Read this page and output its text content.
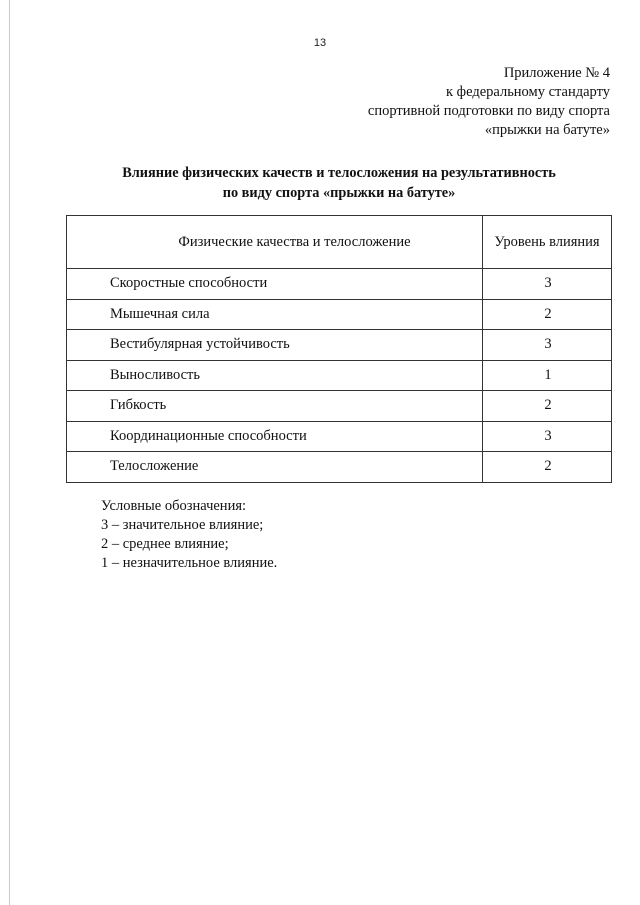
13
Приложение № 4
к федеральному стандарту
спортивной подготовки по виду спорта
«прыжки на батуте»
Влияние физических качеств и телосложения на результативность
по виду спорта «прыжки на батуте»
Физические качества и телосложение	Уровень влияния
Скоростные способности	3
Мышечная сила	2
Вестибулярная устойчивость	3
Выносливость	1
Гибкость	2
Координационные способности	3
Телосложение	2
Условные обозначения:
3 – значительное влияние;
2 – среднее влияние;
1 – незначительное влияние.
